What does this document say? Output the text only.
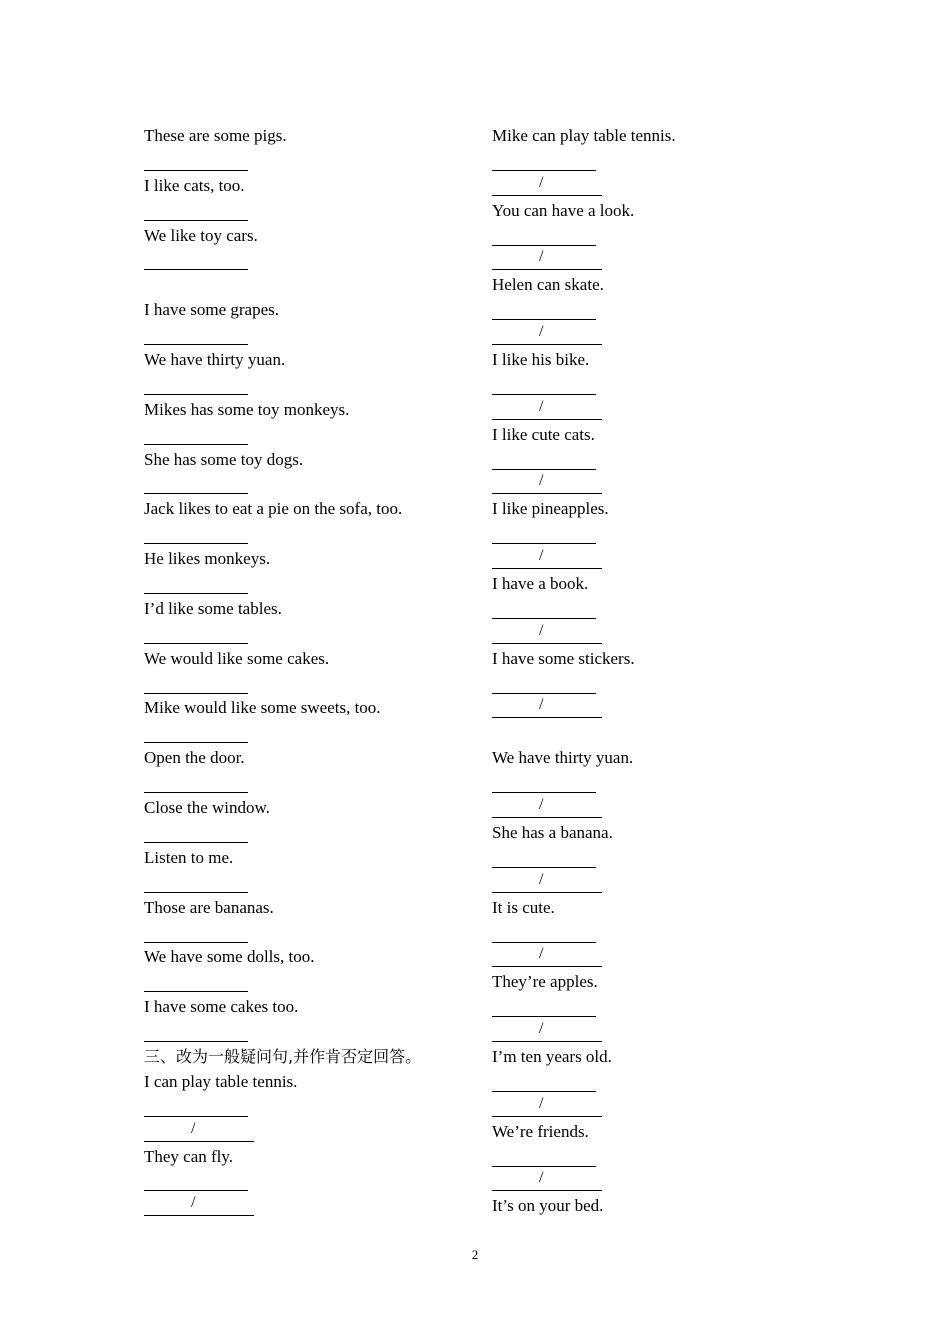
These are some pigs.
I like cats, too.
We like toy cars.
I have some grapes.
We have thirty yuan.
Mikes has some toy monkeys.
She has some toy dogs.
Jack likes to eat a pie on the sofa, too.
He likes monkeys.
I’d like some tables.
We would like some cakes.
Mike would like some sweets, too.
Open the door.
Close the window.
Listen to me.
Those are bananas.
We have some dolls, too.
I have some cakes too.
三、改为一般疑问句,并作肯否定回答。
I can play table tennis.
/
They can fly.
/
Mike can play table tennis.
/
You can have a look.
/
Helen can skate.
/
I like his bike.
/
I like cute cats.
/
I like pineapples.
/
I have a book.
/
I have some stickers.
/
We have thirty yuan.
/
She has a banana.
/
It is cute.
/
They’re apples.
/
I’m ten years old.
/
We’re friends.
/
It’s on your bed.
2
